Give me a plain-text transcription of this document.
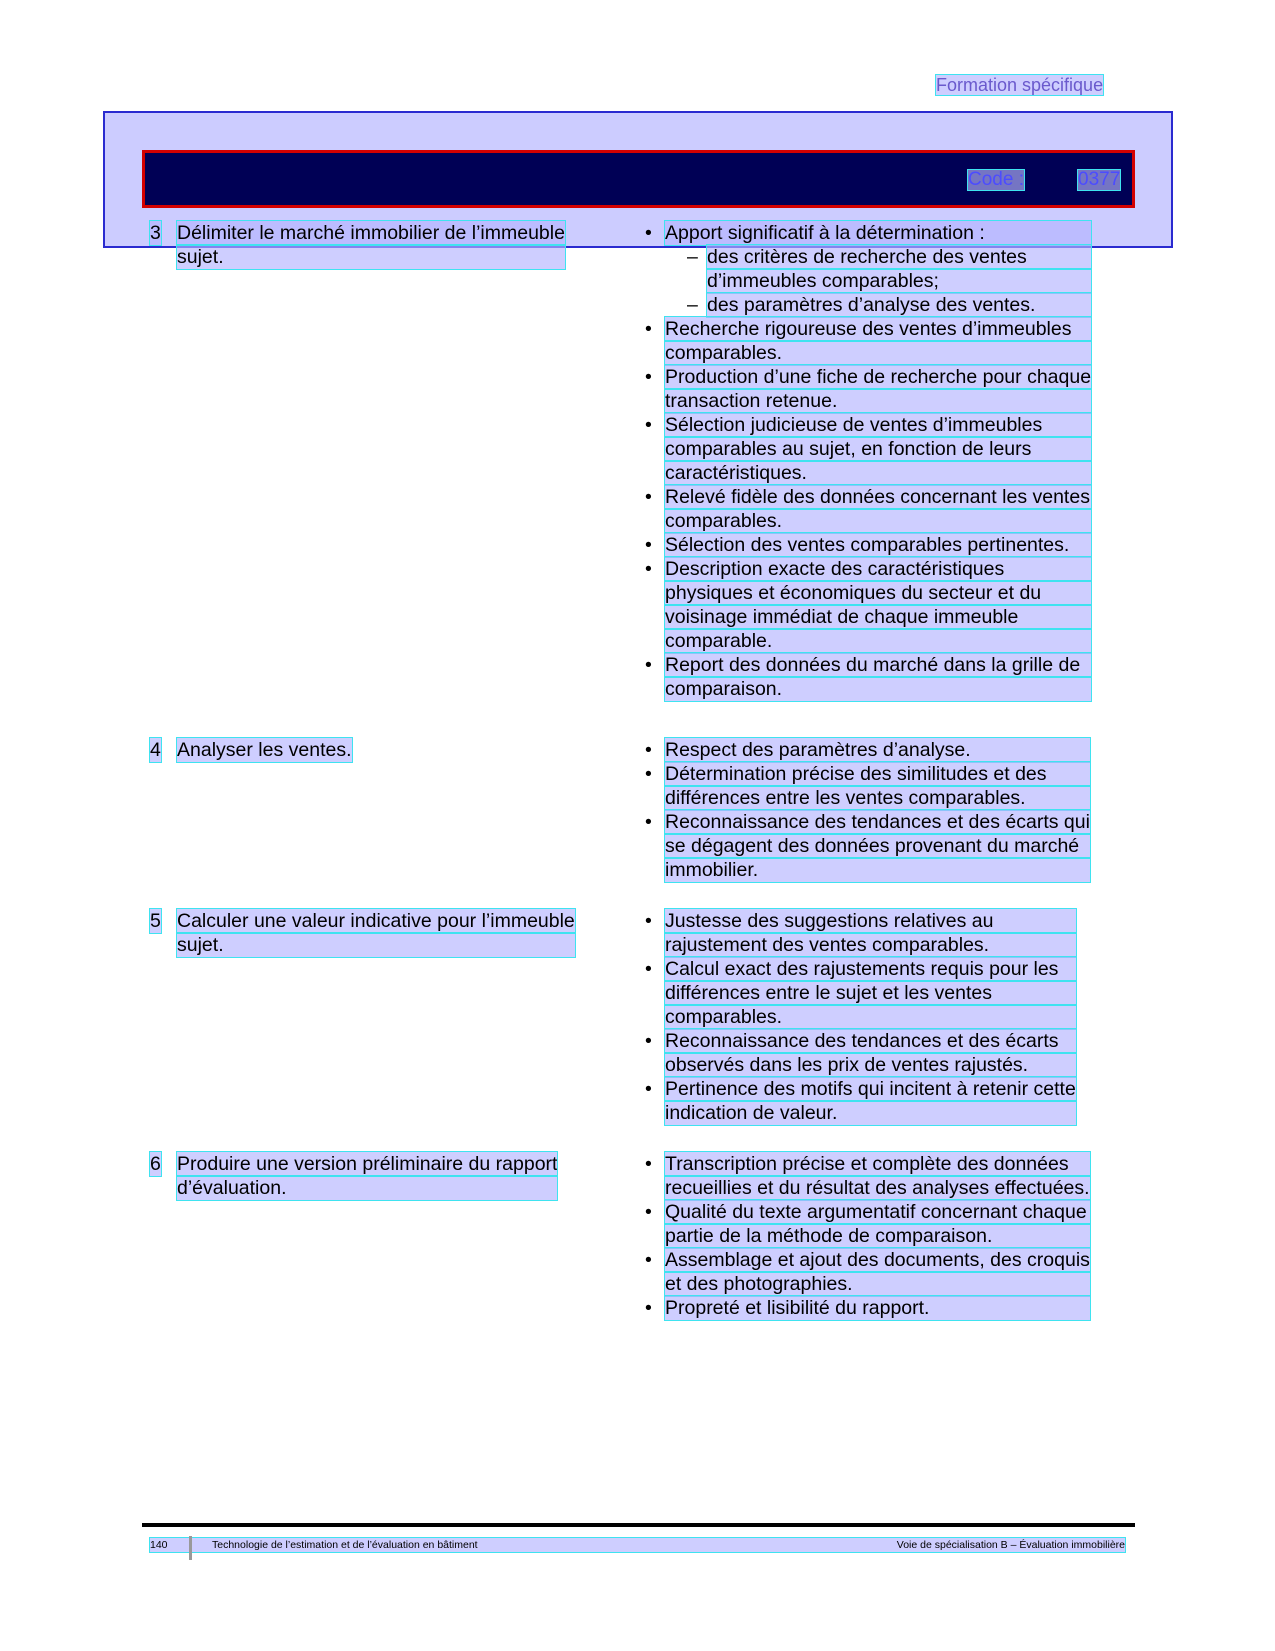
Formation spécifique
Code :	0377
3 Délimiter le marché immobilier de l’immeuble
sujet.
• Apport significatif à la détermination :
– des critères de recherche des ventes
d’immeubles comparables;
– des paramètres d’analyse des ventes.
• Recherche rigoureuse des ventes d’immeubles
comparables.
• Production d’une fiche de recherche pour chaque
transaction retenue.
• Sélection judicieuse de ventes d’immeubles
comparables au sujet, en fonction de leurs
caractéristiques.
• Relevé fidèle des données concernant les ventes
comparables.
• Sélection des ventes comparables pertinentes.
• Description exacte des caractéristiques
physiques et économiques du secteur et du
voisinage immédiat de chaque immeuble
comparable.
• Report des données du marché dans la grille de
comparaison.
4 Analyser les ventes.	• Respect des paramètres d’analyse.
• Détermination précise des similitudes et des
différences entre les ventes comparables.
• Reconnaissance des tendances et des écarts qui
se dégagent des données provenant du marché
immobilier.
5 Calculer une valeur indicative pour l’immeuble
sujet.
• Justesse des suggestions relatives au
rajustement des ventes comparables.
• Calcul exact des rajustements requis pour les
différences entre le sujet et les ventes
comparables.
• Reconnaissance des tendances et des écarts
observés dans les prix de ventes rajustés.
• Pertinence des motifs qui incitent à retenir cette
indication de valeur.
6 Produire une version préliminaire du rapport
d’évaluation.
• Transcription précise et complète des données
recueillies et du résultat des analyses effectuées.
• Qualité du texte argumentatif concernant chaque
partie de la méthode de comparaison.
• Assemblage et ajout des documents, des croquis
et des photographies.
• Propreté et lisibilité du rapport.
140	Technologie de l’estimation et de l’évaluation en bâtiment	Voie de spécialisation B – Évaluation immobilière
